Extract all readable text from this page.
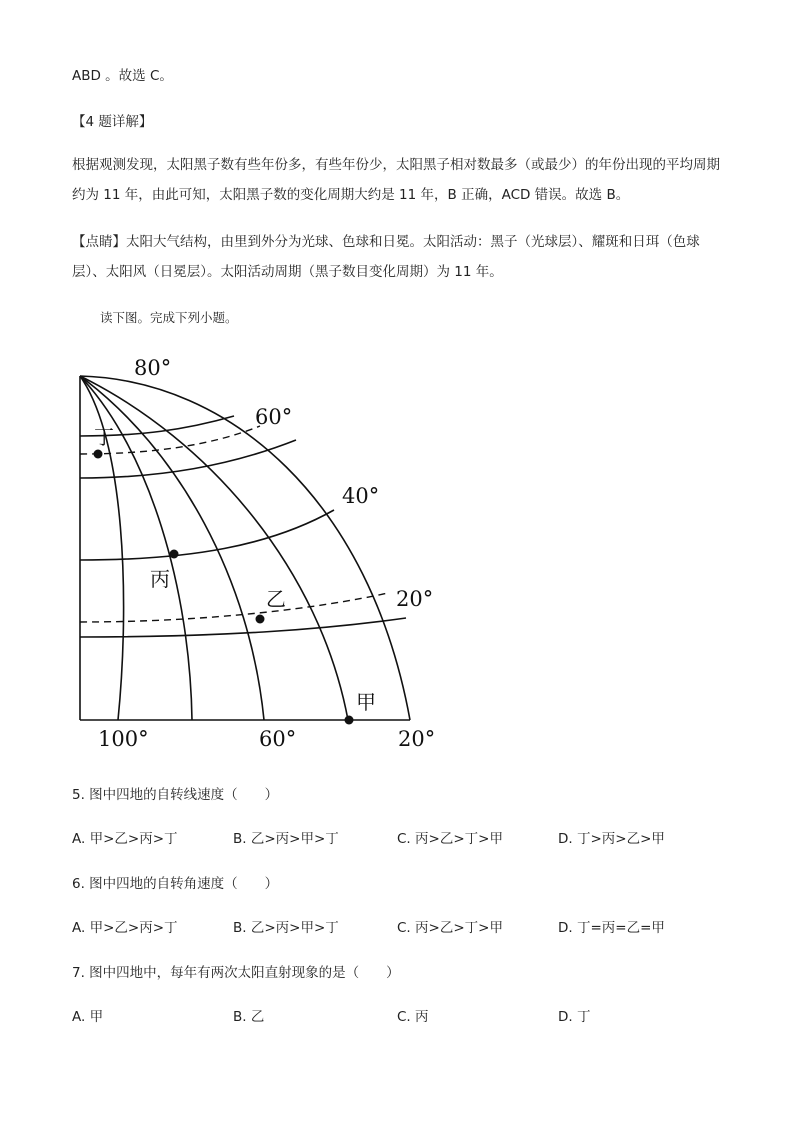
ABD 。故选 C。
【4 题详解】
根据观测发现，太阳黑子数有些年份多，有些年份少，太阳黑子相对数最多（或最少）的年份出现的平均周期约为 11 年，由此可知，太阳黑子数的变化周期大约是 11 年，B 正确，ACD 错误。故选 B。
【点睛】太阳大气结构，由里到外分为光球、色球和日冕。太阳活动：黑子（光球层）、耀斑和日珥（色球层）、太阳风（日冕层）。太阳活动周期（黑子数目变化周期）为 11 年。
读下图。完成下列小题。
80°
60°
40°
20°
100°	60°	20°
丁
丙
乙
甲
5. 图中四地的自转线速度（　　）
A. 甲>乙>丙>丁	B. 乙>丙>甲>丁	C. 丙>乙>丁>甲	D. 丁>丙>乙>甲
6. 图中四地的自转角速度（　　）
A. 甲>乙>丙>丁	B. 乙>丙>甲>丁	C. 丙>乙>丁>甲	D. 丁=丙=乙=甲
7. 图中四地中，每年有两次太阳直射现象的是（　　）
A. 甲	B. 乙	C. 丙	D. 丁
